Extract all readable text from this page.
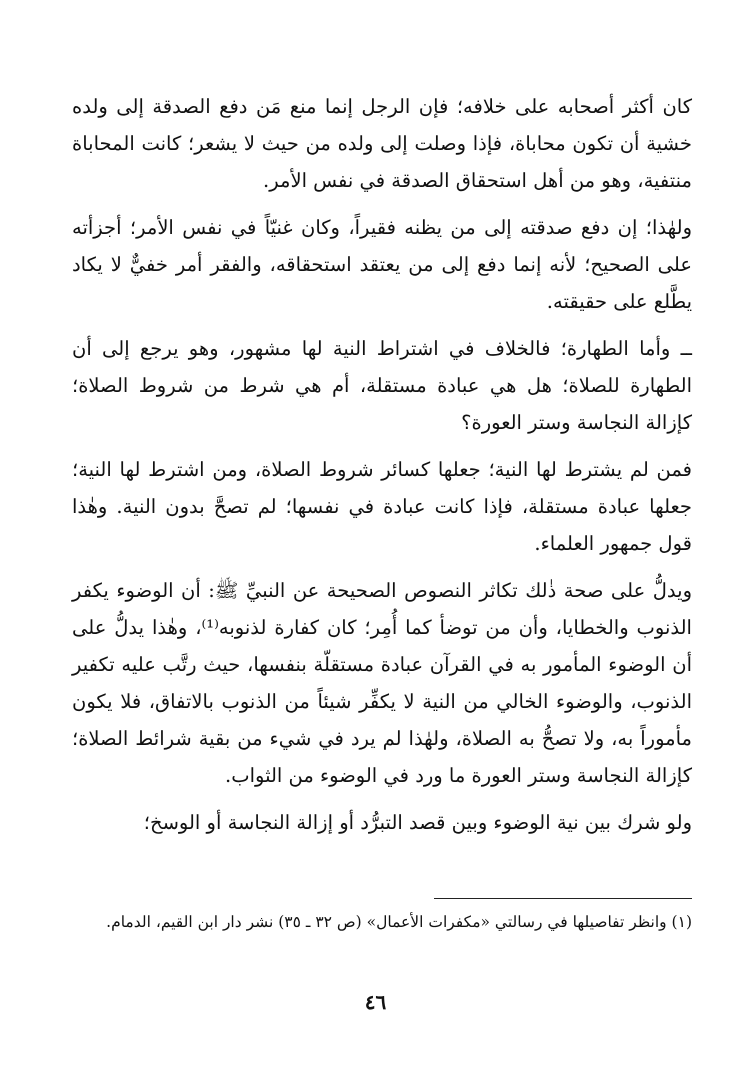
كان أكثر أصحابه على خلافه؛ فإن الرجل إنما منع مَن دفع الصدقة إلى ولده خشية أن تكون محاباة، فإذا وصلت إلى ولده من حيث لا يشعر؛ كانت المحاباة منتفية، وهو من أهل استحقاق الصدقة في نفس الأمر.

ولهٰذا؛ إن دفع صدقته إلى من يظنه فقيراً، وكان غنيّاً في نفس الأمر؛ أجزأته على الصحيح؛ لأنه إنما دفع إلى من يعتقد استحقاقه، والفقر أمر خفيٌّ لا يكاد يطَّلع على حقيقته.

ــ وأما الطهارة؛ فالخلاف في اشتراط النية لها مشهور، وهو يرجع إلى أن الطهارة للصلاة؛ هل هي عبادة مستقلة، أم هي شرط من شروط الصلاة؛ كإزالة النجاسة وستر العورة؟

فمن لم يشترط لها النية؛ جعلها كسائر شروط الصلاة، ومن اشترط لها النية؛ جعلها عبادة مستقلة، فإذا كانت عبادة في نفسها؛ لم تصحَّ بدون النية. وهٰذا قول جمهور العلماء.

ويدلُّ على صحة ذٰلك تكاثر النصوص الصحيحة عن النبيِّ ﷺ: أن الوضوء يكفر الذنوب والخطايا، وأن من توضأ كما أُمِر؛ كان كفارة لذنوبه⁽¹⁾، وهٰذا يدلُّ على أن الوضوء المأمور به في القرآن عبادة مستقلّة بنفسها، حيث رتَّب عليه تكفير الذنوب، والوضوء الخالي من النية لا يكفِّر شيئاً من الذنوب بالاتفاق، فلا يكون مأموراً به، ولا تصحُّ به الصلاة، ولهٰذا لم يرد في شيء من بقية شرائط الصلاة؛ كإزالة النجاسة وستر العورة ما ورد في الوضوء من الثواب.

ولو شرك بين نية الوضوء وبين قصد التبرُّد أو إزالة النجاسة أو الوسخ؛

(١) وانظر تفاصيلها في رسالتي «مكفرات الأعمال» (ص ٣٢ ـ ٣٥) نشر دار ابن القيم، الدمام.

٤٦
